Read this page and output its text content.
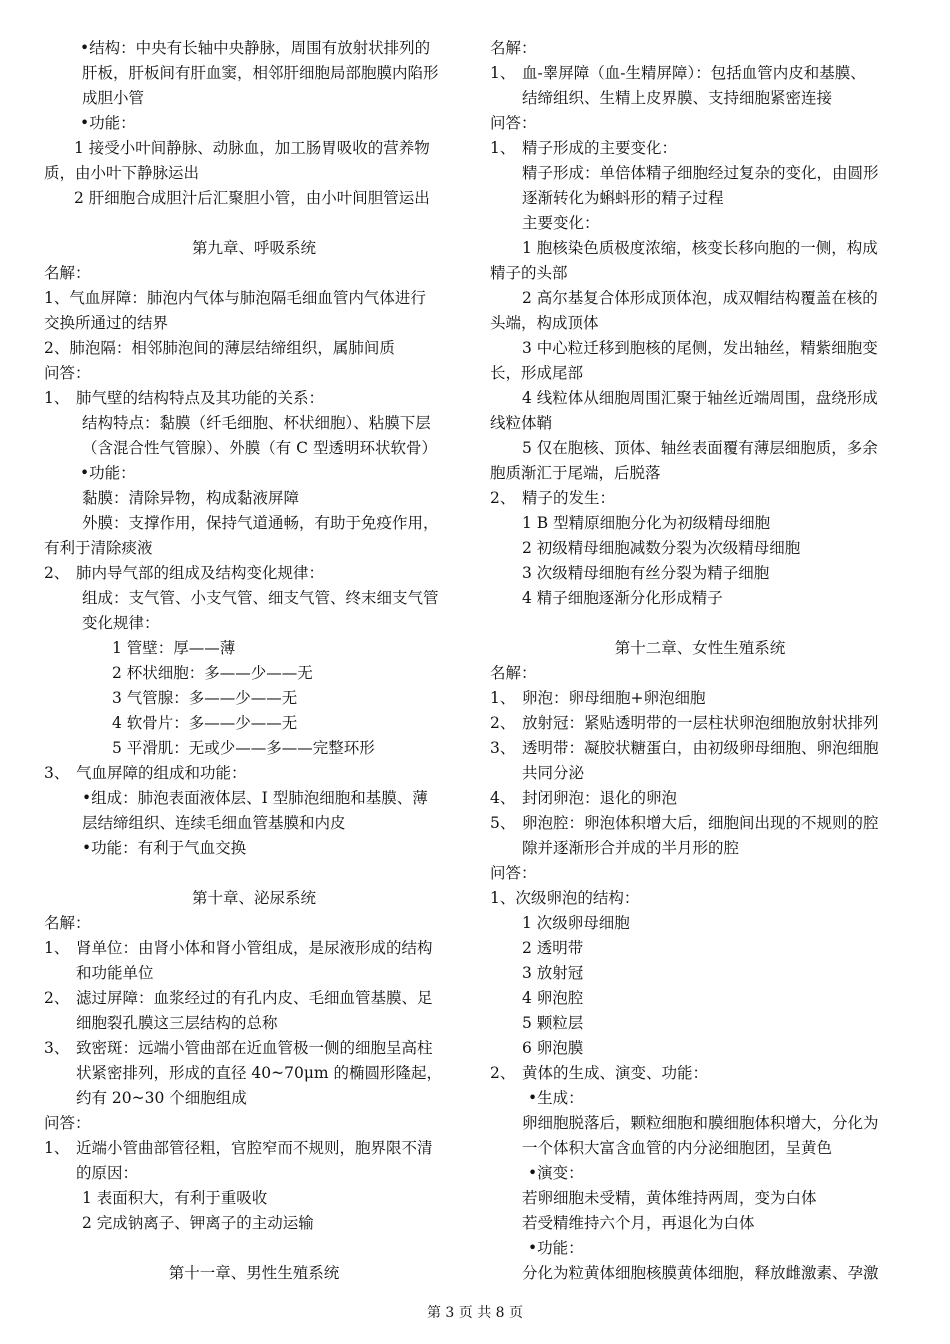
•结构：中央有长轴中央静脉，周围有放射状排列的
肝板，肝板间有肝血窦，相邻肝细胞局部胞膜内陷形
成胆小管
•功能：
1 接受小叶间静脉、动脉血，加工肠胃吸收的营养物
质，由小叶下静脉运出
2 肝细胞合成胆汁后汇聚胆小管，由小叶间胆管运出
第九章、呼吸系统
名解：
1、气血屏障：肺泡内气体与肺泡隔毛细血管内气体进行
交换所通过的结界
2、肺泡隔：相邻肺泡间的薄层结缔组织，属肺间质
问答：
1、 肺气壁的结构特点及其功能的关系：
结构特点：黏膜（纤毛细胞、杯状细胞）、粘膜下层
（含混合性气管腺）、外膜（有 C 型透明环状软骨）
•功能：
黏膜：清除异物，构成黏液屏障
外膜：支撑作用，保持气道通畅，有助于免疫作用，
有利于清除痰液
2、 肺内导气部的组成及结构变化规律：
组成：支气管、小支气管、细支气管、终末细支气管
变化规律：
1 管壁：厚——薄
2 杯状细胞：多——少——无
3 气管腺：多——少——无
4 软骨片：多——少——无
5 平滑肌：无或少——多——完整环形
3、 气血屏障的组成和功能：
•组成：肺泡表面液体层、I 型肺泡细胞和基膜、薄
层结缔组织、连续毛细血管基膜和内皮
•功能：有利于气血交换
第十章、泌尿系统
名解：
1、 肾单位：由肾小体和肾小管组成，是尿液形成的结构
和功能单位
2、 滤过屏障：血浆经过的有孔内皮、毛细血管基膜、足
细胞裂孔膜这三层结构的总称
3、 致密斑：远端小管曲部在近血管极一侧的细胞呈高柱
状紧密排列，形成的直径 40~70μm 的椭圆形隆起，
约有 20~30 个细胞组成
问答：
1、 近端小管曲部管径粗，官腔窄而不规则，胞界限不清
的原因：
1 表面积大，有利于重吸收
2 完成钠离子、钾离子的主动运输
第十一章、男性生殖系统
名解：
1、 血-睾屏障（血-生精屏障）：包括血管内皮和基膜、
结缔组织、生精上皮界膜、支持细胞紧密连接
问答：
1、 精子形成的主要变化：
精子形成：单倍体精子细胞经过复杂的变化，由圆形
逐渐转化为蝌蚪形的精子过程
主要变化：
1 胞核染色质极度浓缩，核变长移向胞的一侧，构成
精子的头部
2 高尔基复合体形成顶体泡，成双帽结构覆盖在核的
头端，构成顶体
3 中心粒迁移到胞核的尾侧，发出轴丝，精紫细胞变
长，形成尾部
4 线粒体从细胞周围汇聚于轴丝近端周围，盘绕形成
线粒体鞘
5 仅在胞核、顶体、轴丝表面覆有薄层细胞质，多余
胞质渐汇于尾端，后脱落
2、 精子的发生：
1 B 型精原细胞分化为初级精母细胞
2 初级精母细胞减数分裂为次级精母细胞
3 次级精母细胞有丝分裂为精子细胞
4 精子细胞逐渐分化形成精子
第十二章、女性生殖系统
名解：
1、 卵泡：卵母细胞+卵泡细胞
2、 放射冠：紧贴透明带的一层柱状卵泡细胞放射状排列
3、 透明带：凝胶状糖蛋白，由初级卵母细胞、卵泡细胞
共同分泌
4、 封闭卵泡：退化的卵泡
5、 卵泡腔：卵泡体积增大后，细胞间出现的不规则的腔
隙并逐渐形合并成的半月形的腔
问答：
1、次级卵泡的结构：
1 次级卵母细胞
2 透明带
3 放射冠
4 卵泡腔
5 颗粒层
6 卵泡膜
2、 黄体的生成、演变、功能：
•生成：
卵细胞脱落后，颗粒细胞和膜细胞体积增大，分化为
一个体积大富含血管的内分泌细胞团，呈黄色
•演变：
若卵细胞未受精，黄体维持两周，变为白体
若受精维持六个月，再退化为白体
•功能：
分化为粒黄体细胞核膜黄体细胞，释放雌激素、孕激
第 3 页 共 8 页
